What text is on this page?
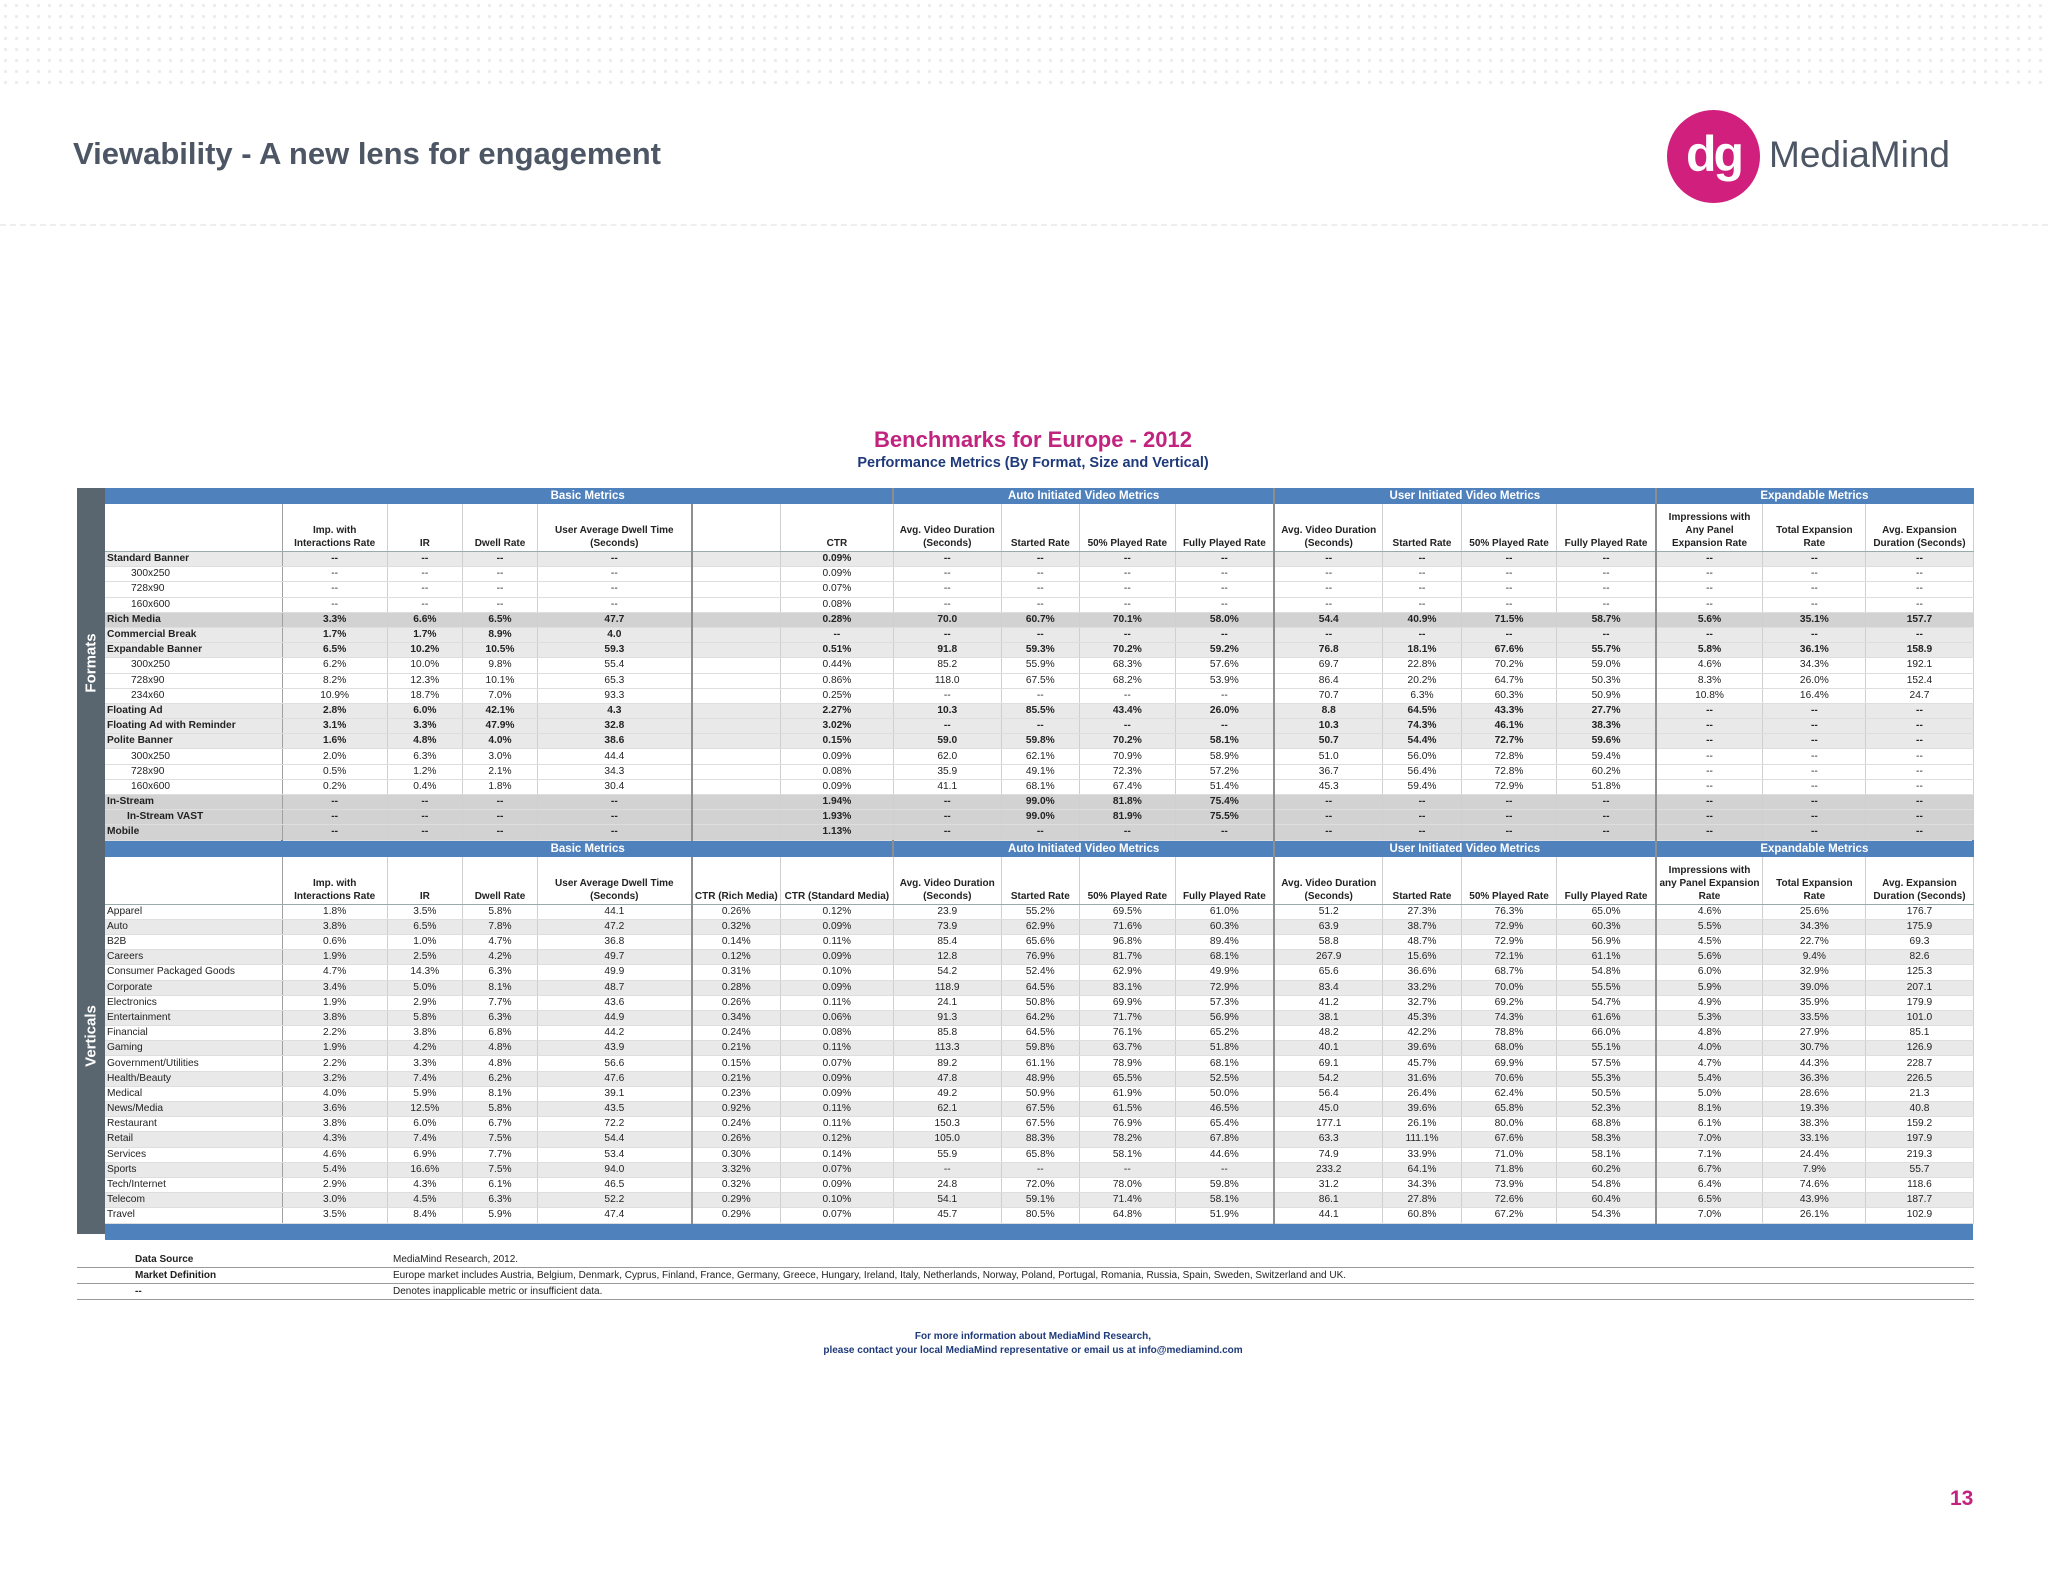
Viewability - A new lens for engagement	dg MediaMind
Benchmarks for Europe - 2012
Performance Metrics (By Format, Size and Vertical)
Formats
Verticals
	Basic Metrics						Auto Initiated Video Metrics				User Initiated Video Metrics				Expandable Metrics		
	Imp. with Interactions Rate	IR	Dwell Rate	User Average Dwell Time (Seconds)		CTR	Avg. Video Duration (Seconds)	Started Rate	50% Played Rate	Fully Played Rate	Avg. Video Duration (Seconds)	Started Rate	50% Played Rate	Fully Played Rate	Impressions with Any Panel Expansion Rate	Total Expansion Rate	Avg. Expansion Duration (Seconds)
Standard Banner	--	--	--	--		0.09%	--	--	--	--	--	--	--	--	--	--	--
300x250	--	--	--	--		0.09%	--	--	--	--	--	--	--	--	--	--	--
728x90	--	--	--	--		0.07%	--	--	--	--	--	--	--	--	--	--	--
160x600	--	--	--	--		0.08%	--	--	--	--	--	--	--	--	--	--	--
Rich Media	3.3%	6.6%	6.5%	47.7		0.28%	70.0	60.7%	70.1%	58.0%	54.4	40.9%	71.5%	58.7%	5.6%	35.1%	157.7
Commercial Break	1.7%	1.7%	8.9%	4.0		--	--	--	--	--	--	--	--	--	--	--	--
Expandable Banner	6.5%	10.2%	10.5%	59.3		0.51%	91.8	59.3%	70.2%	59.2%	76.8	18.1%	67.6%	55.7%	5.8%	36.1%	158.9
300x250	6.2%	10.0%	9.8%	55.4		0.44%	85.2	55.9%	68.3%	57.6%	69.7	22.8%	70.2%	59.0%	4.6%	34.3%	192.1
728x90	8.2%	12.3%	10.1%	65.3		0.86%	118.0	67.5%	68.2%	53.9%	86.4	20.2%	64.7%	50.3%	8.3%	26.0%	152.4
234x60	10.9%	18.7%	7.0%	93.3		0.25%	--	--	--	--	70.7	6.3%	60.3%	50.9%	10.8%	16.4%	24.7
Floating Ad	2.8%	6.0%	42.1%	4.3		2.27%	10.3	85.5%	43.4%	26.0%	8.8	64.5%	43.3%	27.7%	--	--	--
Floating Ad with Reminder	3.1%	3.3%	47.9%	32.8		3.02%	--	--	--	--	10.3	74.3%	46.1%	38.3%	--	--	--
Polite Banner	1.6%	4.8%	4.0%	38.6		0.15%	59.0	59.8%	70.2%	58.1%	50.7	54.4%	72.7%	59.6%	--	--	--
300x250	2.0%	6.3%	3.0%	44.4		0.09%	62.0	62.1%	70.9%	58.9%	51.0	56.0%	72.8%	59.4%	--	--	--
728x90	0.5%	1.2%	2.1%	34.3		0.08%	35.9	49.1%	72.3%	57.2%	36.7	56.4%	72.8%	60.2%	--	--	--
160x600	0.2%	0.4%	1.8%	30.4		0.09%	41.1	68.1%	67.4%	51.4%	45.3	59.4%	72.9%	51.8%	--	--	--
In-Stream	--	--	--	--		1.94%	--	99.0%	81.8%	75.4%	--	--	--	--	--	--	--
In-Stream VAST	--	--	--	--		1.93%	--	99.0%	81.9%	75.5%	--	--	--	--	--	--	--
Mobile	--	--	--	--		1.13%	--	--	--	--	--	--	--	--	--	--	--
	Basic Metrics						Auto Initiated Video Metrics				User Initiated Video Metrics				Expandable Metrics		
	Imp. with Interactions Rate	IR	Dwell Rate	User Average Dwell Time (Seconds)	CTR (Rich Media)	CTR (Standard Media)	Avg. Video Duration (Seconds)	Started Rate	50% Played Rate	Fully Played Rate	Avg. Video Duration (Seconds)	Started Rate	50% Played Rate	Fully Played Rate	Impressions with any Panel Expansion Rate	Total Expansion Rate	Avg. Expansion Duration (Seconds)
Apparel	1.8%	3.5%	5.8%	44.1	0.26%	0.12%	23.9	55.2%	69.5%	61.0%	51.2	27.3%	76.3%	65.0%	4.6%	25.6%	176.7
Auto	3.8%	6.5%	7.8%	47.2	0.32%	0.09%	73.9	62.9%	71.6%	60.3%	63.9	38.7%	72.9%	60.3%	5.5%	34.3%	175.9
B2B	0.6%	1.0%	4.7%	36.8	0.14%	0.11%	85.4	65.6%	96.8%	89.4%	58.8	48.7%	72.9%	56.9%	4.5%	22.7%	69.3
Careers	1.9%	2.5%	4.2%	49.7	0.12%	0.09%	12.8	76.9%	81.7%	68.1%	267.9	15.6%	72.1%	61.1%	5.6%	9.4%	82.6
Consumer Packaged Goods	4.7%	14.3%	6.3%	49.9	0.31%	0.10%	54.2	52.4%	62.9%	49.9%	65.6	36.6%	68.7%	54.8%	6.0%	32.9%	125.3
Corporate	3.4%	5.0%	8.1%	48.7	0.28%	0.09%	118.9	64.5%	83.1%	72.9%	83.4	33.2%	70.0%	55.5%	5.9%	39.0%	207.1
Electronics	1.9%	2.9%	7.7%	43.6	0.26%	0.11%	24.1	50.8%	69.9%	57.3%	41.2	32.7%	69.2%	54.7%	4.9%	35.9%	179.9
Entertainment	3.8%	5.8%	6.3%	44.9	0.34%	0.06%	91.3	64.2%	71.7%	56.9%	38.1	45.3%	74.3%	61.6%	5.3%	33.5%	101.0
Financial	2.2%	3.8%	6.8%	44.2	0.24%	0.08%	85.8	64.5%	76.1%	65.2%	48.2	42.2%	78.8%	66.0%	4.8%	27.9%	85.1
Gaming	1.9%	4.2%	4.8%	43.9	0.21%	0.11%	113.3	59.8%	63.7%	51.8%	40.1	39.6%	68.0%	55.1%	4.0%	30.7%	126.9
Government/Utilities	2.2%	3.3%	4.8%	56.6	0.15%	0.07%	89.2	61.1%	78.9%	68.1%	69.1	45.7%	69.9%	57.5%	4.7%	44.3%	228.7
Health/Beauty	3.2%	7.4%	6.2%	47.6	0.21%	0.09%	47.8	48.9%	65.5%	52.5%	54.2	31.6%	70.6%	55.3%	5.4%	36.3%	226.5
Medical	4.0%	5.9%	8.1%	39.1	0.23%	0.09%	49.2	50.9%	61.9%	50.0%	56.4	26.4%	62.4%	50.5%	5.0%	28.6%	21.3
News/Media	3.6%	12.5%	5.8%	43.5	0.92%	0.11%	62.1	67.5%	61.5%	46.5%	45.0	39.6%	65.8%	52.3%	8.1%	19.3%	40.8
Restaurant	3.8%	6.0%	6.7%	72.2	0.24%	0.11%	150.3	67.5%	76.9%	65.4%	177.1	26.1%	80.0%	68.8%	6.1%	38.3%	159.2
Retail	4.3%	7.4%	7.5%	54.4	0.26%	0.12%	105.0	88.3%	78.2%	67.8%	63.3	111.1%	67.6%	58.3%	7.0%	33.1%	197.9
Services	4.6%	6.9%	7.7%	53.4	0.30%	0.14%	55.9	65.8%	58.1%	44.6%	74.9	33.9%	71.0%	58.1%	7.1%	24.4%	219.3
Sports	5.4%	16.6%	7.5%	94.0	3.32%	0.07%	--	--	--	--	233.2	64.1%	71.8%	60.2%	6.7%	7.9%	55.7
Tech/Internet	2.9%	4.3%	6.1%	46.5	0.32%	0.09%	24.8	72.0%	78.0%	59.8%	31.2	34.3%	73.9%	54.8%	6.4%	74.6%	118.6
Telecom	3.0%	4.5%	6.3%	52.2	0.29%	0.10%	54.1	59.1%	71.4%	58.1%	86.1	27.8%	72.6%	60.4%	6.5%	43.9%	187.7
Travel	3.5%	8.4%	5.9%	47.4	0.29%	0.07%	45.7	80.5%	64.8%	51.9%	44.1	60.8%	67.2%	54.3%	7.0%	26.1%	102.9

Data Source	MediaMind Research, 2012.
Market Definition	Europe market includes Austria, Belgium, Denmark, Cyprus, Finland, France, Germany, Greece, Hungary, Ireland, Italy, Netherlands, Norway, Poland, Portugal, Romania, Russia, Spain, Sweden, Switzerland and UK.
--	Denotes inapplicable metric or insufficient data.
For more information about MediaMind Research,
please contact your local MediaMind representative or email us at info@mediamind.com
13
